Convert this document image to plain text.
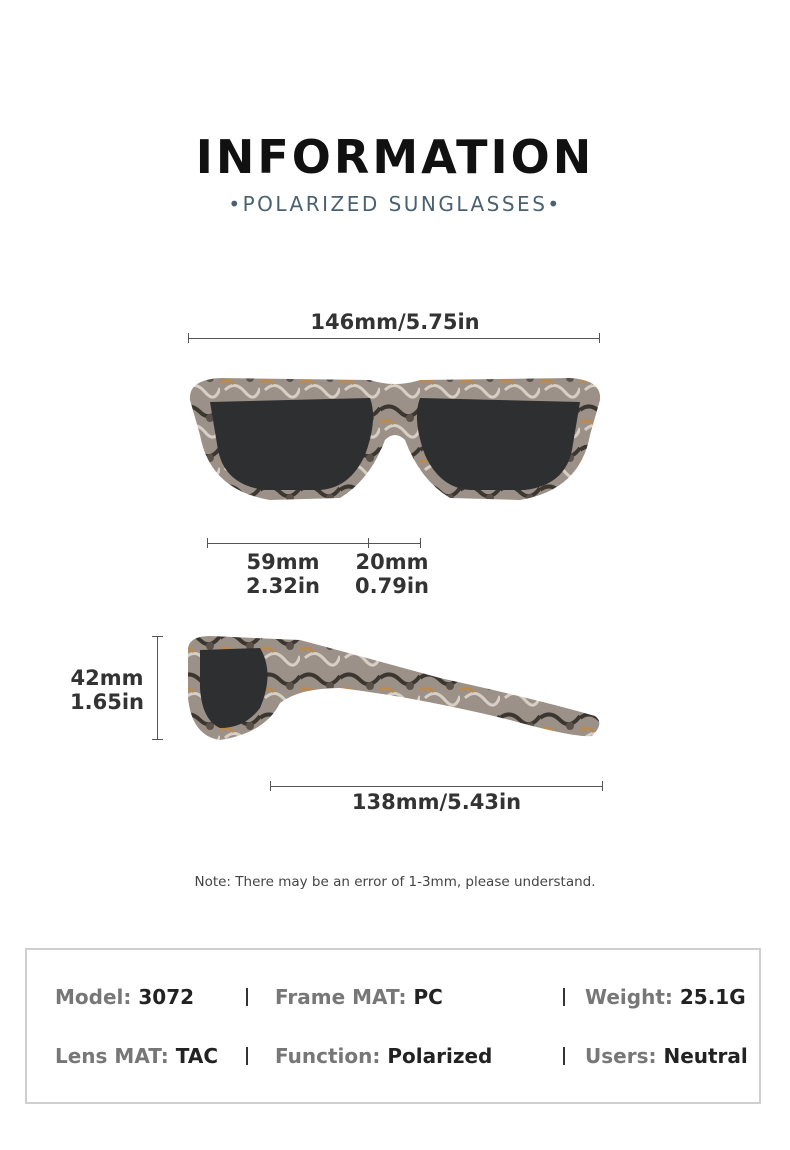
INFORMATION
•POLARIZED SUNGLASSES•
146mm/5.75in
59mm
2.32in
20mm
0.79in
42mm
1.65in
138mm/5.43in
Note: There may be an error of 1-3mm, please understand.
Model: 3072	Frame MAT: PC	Weight: 25.1G
Lens MAT: TAC	Function: Polarized	Users: Neutral
